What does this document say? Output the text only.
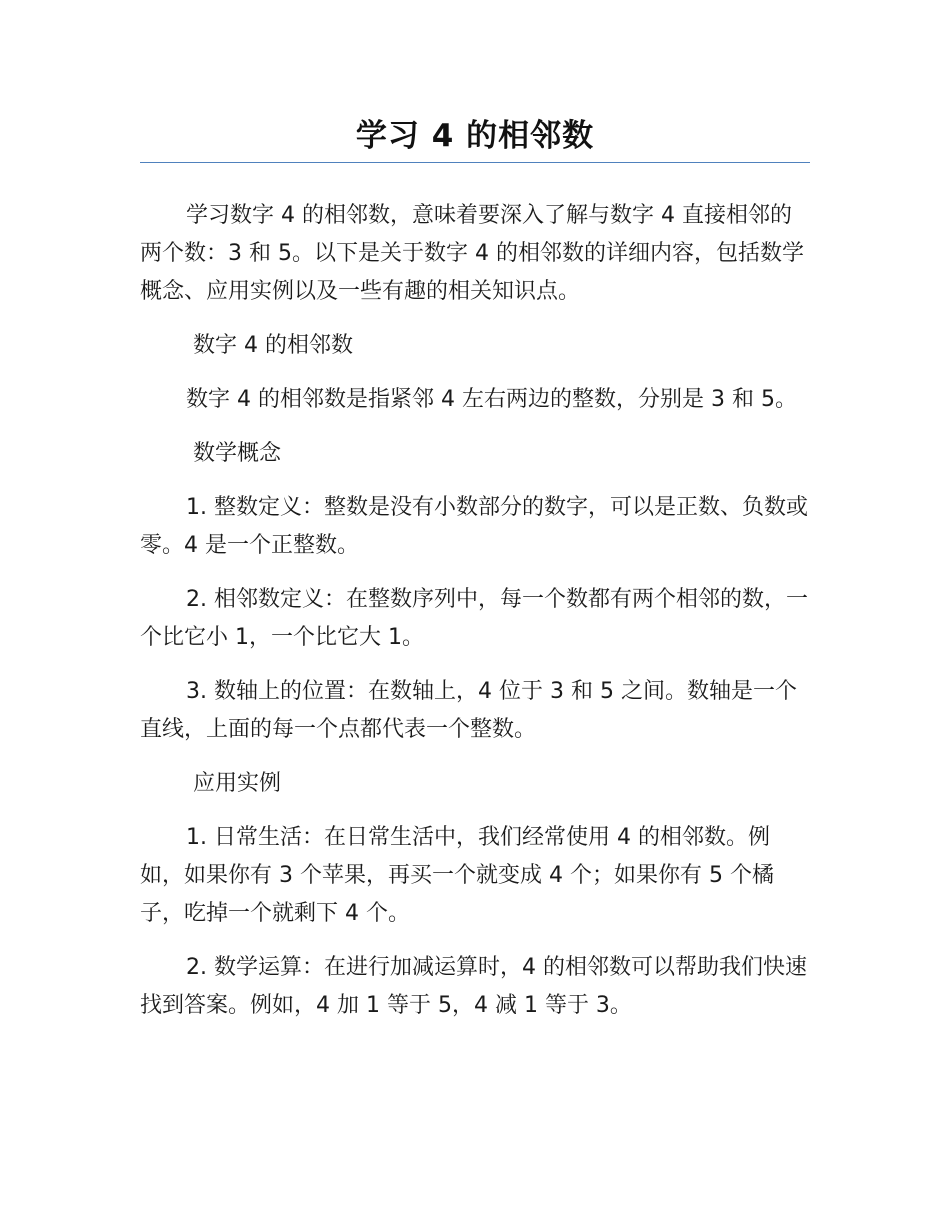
学习 4 的相邻数

学习数字 4 的相邻数，意味着要深入了解与数字 4 直接相邻的两个数：3 和 5。以下是关于数字 4 的相邻数的详细内容，包括数学概念、应用实例以及一些有趣的相关知识点。

数字 4 的相邻数

数字 4 的相邻数是指紧邻 4 左右两边的整数，分别是 3 和 5。

数学概念

1. 整数定义：整数是没有小数部分的数字，可以是正数、负数或零。4 是一个正整数。

2. 相邻数定义：在整数序列中，每一个数都有两个相邻的数，一个比它小 1，一个比它大 1。

3. 数轴上的位置：在数轴上，4 位于 3 和 5 之间。数轴是一个直线，上面的每一个点都代表一个整数。

应用实例

1. 日常生活：在日常生活中，我们经常使用 4 的相邻数。例如，如果你有 3 个苹果，再买一个就变成 4 个；如果你有 5 个橘子，吃掉一个就剩下 4 个。

2. 数学运算：在进行加减运算时，4 的相邻数可以帮助我们快速找到答案。例如，4 加 1 等于 5，4 减 1 等于 3。
